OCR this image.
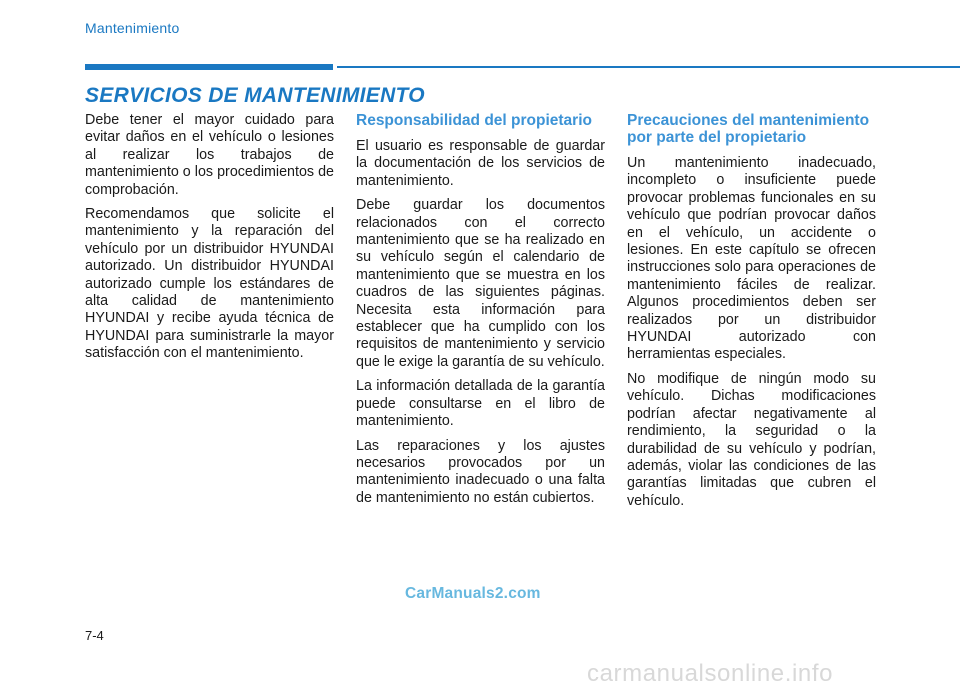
Mantenimiento
SERVICIOS DE MANTENIMIENTO

Debe tener el mayor cuidado para evitar daños en el vehículo o lesiones al realizar los trabajos de mantenimiento o los procedimientos de comprobación.

Recomendamos que solicite el mantenimiento y la reparación del vehículo por un distribuidor HYUNDAI autorizado. Un distribuidor HYUNDAI autorizado cumple los estándares de alta calidad de mantenimiento HYUNDAI y recibe ayuda técnica de HYUNDAI para suministrarle la mayor satisfacción con el mantenimiento.

Responsabilidad del propietario

El usuario es responsable de guardar la documentación de los servicios de mantenimiento.

Debe guardar los documentos relacionados con el correcto mantenimiento que se ha realizado en su vehículo según el calendario de mantenimiento que se muestra en los cuadros de las siguientes páginas. Necesita esta información para establecer que ha cumplido con los requisitos de mantenimiento y servicio que le exige la garantía de su vehículo.

La información detallada de la garantía puede consultarse en el libro de mantenimiento.

Las reparaciones y los ajustes necesarios provocados por un mantenimiento inadecuado o una falta de mantenimiento no están cubiertos.

Precauciones del mantenimiento por parte del propietario

Un mantenimiento inadecuado, incompleto o insuficiente puede provocar problemas funcionales en su vehículo que podrían provocar daños en el vehículo, un accidente o lesiones. En este capítulo se ofrecen instrucciones solo para operaciones de mantenimiento fáciles de realizar. Algunos procedimientos deben ser realizados por un distribuidor HYUNDAI autorizado con herramientas especiales.

No modifique de ningún modo su vehículo. Dichas modificaciones podrían afectar negativamente al rendimiento, la seguridad o la durabilidad de su vehículo y podrían, además, violar las condiciones de las garantías limitadas que cubren el vehículo.

CarManuals2.com
7-4
carmanualsonline.info
